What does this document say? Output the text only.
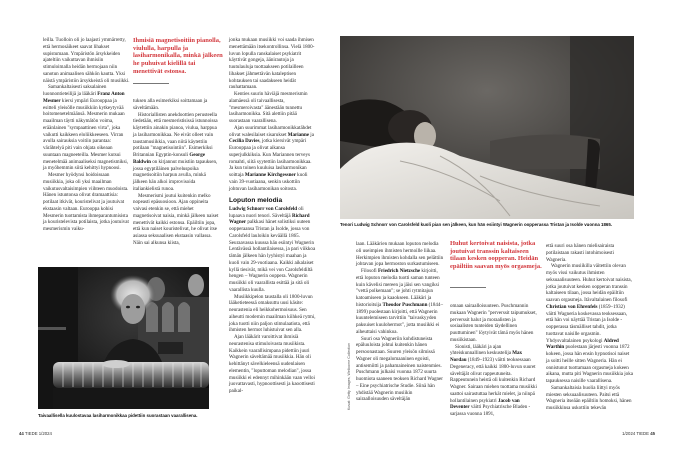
leilla. Tuolloin oli jo laajasti ymmärretty, että hermosäikeet saavat lihakset supistumaan. Ympäristön ärsykkeiden ajateltiin vaikuttavan ihmisiin stimuloimalla heidän hermojaan niin sanotun animaalisen sähkön kautta. Yksi näistä ympäristön ärsykkeistä oli musiikki.

Samankaltaisesti saksalainen luonnontieteilijä ja lääkäri Franz Anton Mesmer kiersi ympäri Eurooppaa ja esitteli yleisölle musiikkiin kytkeytyvää hoitomenetelmäänsä. Mesmerin mukaan maailman täytti näkymätön voima, eräänlainen "sympaattinen virta", joka vaikutti kaikkeen eloliikkeeseen. Virran avulla sairauksia voitiin parantaa: värähtelyä piti vain ohjata oikeaan suuntaan magneeteilla. Mesmer kutsui menetelmää animaaliseksi magnetismiksi, ja myöhemmin siitä kehittyi hypnoosi.

Mesmer hyödynsi hoidoissaan musiikkia, joka oli yksi maailman vaikutusvaltaisimpien viihteen muodoista. Hänen istuntonsa olivat dramaattisia: potilaat itkivät, kouristelivat ja joutuivat ekstaasin valtaan. Eurooppa kohisi Mesmerin tuottamista ihmeparantumisista ja kouristelevista potilaista, jotka joutuivat mesmerismin vaiku-

Ihmisiä magnetisoitiin pianolla, viululla, harpulla ja lasiharmonikalla, minkä jälkeen he puhuivat kielillä tai menettivät estonsa.

tuksen alla esimerkiksi soittamaan ja säveltämään.

Historiallisten anekdoottien perusteella tiedetään, että mesmeristisissä istunnoissa käytettiin ainakin pianoa, viulua, harppua ja lasiharmonikkaa. Ne eivät olleet vain taustamusiikkia, vaan niitä käytettiin potilaan "magnetisointiin". Esimerkiksi Britannian Egyptin-konsuli George Baldwin on kirjannut muistiin tapauksen, jossa egyptiläinen palveluspoika magnetisoitiin harpun avulla, minkä jälkeen hän alkoi improvisoida italiankielistä runoa.

Mesmerismi joutui kuitenkin melko nopeasti epäsuosioon. Ajan oppineita vaivasi etenkin se, että miehet magnetisoivat naisia, minkä jälkeen naiset menettivät kaikki estonsa. Epäiltiin jopa, että kun naiset kouristelivat, he olivat itse asiassa seksuaalisen ekstaasin vallassa. Näin sai alkunsa kiista,

jonka mukaan musiikki voi saada ihmisen menettämään itsekontrollinsa. Vielä 1800-luvun lopulla ranskalaiset psykiatrit käyttivät gongeja, äänirautoja ja tuutulauluja tuottaakseen potilailleen lihakset jähmettävän kataleptisen kohtauksen tai saadakseen heidät rauhattamaan.

Kenties suurin häviäjä mesmerismin alamäessä oli taivaallisesta, "mesmeroivasta" äänestään tunnettu lasiharmonikka. Sitä alettiin pitää suorastaan vaarallisena.

Ajan suurimmat lasiharmonikkatähdet olivat walesilaiset sisarukset Marianne ja Cecilia Davies, jotka kiersivät ympäri Eurooppaa ja olivat aikansa superjulkkiksia. Kun Mariannen terveys romahti, siitä syytettiin lasiharmonikkaa. Ja kun toinen kuuluisa lasiharmonikan soittaja Marianne Kirchgessner kuoli vain 39-vuotiaana, senkin uskottiin johtuvan lasiharmonikan soitosta.

Loputon melodia

Ludwig Schnorr von Carolsfeld oli lupaava nuori tenori. Säveltäjä Richard Wagner palkkasi hänet solistiksi uuteen oopperaansa Tristan ja Isolde, jossa von Carolsfeld lauloikin keväällä 1865. Seuraavassa kuussa hän esiintyi Wagnerin Lentävässä hollantilaisessa, ja pari viikkoa tämän jälkeen hän lyyhistyi maahan ja kuoli vain 29-vuotiaana. Kaikki aikalaiset kyllä tiesivät, mikä vei von Carolsfeldiltä hengen – Wagnerin ooppera. Wagnerin musiikki oli vaarallista esittää ja sitä oli vaarallista kuulla.

Musiikkipelon taustalla oli 1800-luvun lääketieteessä omaksuttu uusi käsite: neurastenia eli heikkohermoisuus. Sen aiheutti modernin maailman kiihkeä rytmi, joka tuotti niin paljon stimulaatiota, että ihmisten hermot luhistuivat sen alla.

Ajan lääkärit varoittivat ihmisiä neurastenisa stimuloivasta musiikista. Kaikkein vaarallisimpana pidettiin juuri Wagnerin säveltämää musiikkia. Hän oli kehittänyt sävelkieleensä uudenlaisen elementin, "loputtoman melodian", jossa musiikki ei edennyt mihinkään vaan velloi juovattavasti, hypnoottisesti ja kaoottisesti paikal-

Taivaallisella kuulostavaa lasiharmonikkaa pidettiin suorastaan vaarallisena.
44 TIEDE 1/2024
Tenori Ludwig Schnorr von Carolsfeld kuoli pian sen jälkeen, kun hän esiintyi Wagnerin oopperassa Tristan ja Isolde vuonna 1865.
Kuvat: Getty Images, Wellcome Collection

laan. Lääkärien mukaan loputon melodia oli useimpien ihmisten hermoille liikaa. Herkimpien ihmisten kohdalla sen pelättiin johtavan jopa hermoston surkastumiseen.

Filosofi Friedrich Nietzsche kirjoitti, että loputon melodia tuotti saman tunteen kuin kävelisi mereen ja jäisi sen vangiksi "vettä polkemaan"; se johti rytmitajun katoamiseen ja kaaokseen. Lääkäri ja historioitsija Theodor Puschmann (1844–1899) puolestaan kirjoitti, että Wagnerin kuuntelemiseen tarvittiin "taivaskyyden paksuiset kuulohermot", jotta musiikki ei aiheuttaisi vahinkoa.

Suuri osa Wagneriin kohdistuneista epäluuloista johtui kuitenkin hänen persoonastaan. Suuren yleisön silmissä Wagner oli megalomaaninen egoisti, antisemiitti ja pahamaineinen naistenmies. Puschmann julkaisi vuonna 1872 suurta huomiota saaneen teoksen Richard Wagner – Eine psychiatrische Studie. Siinä hän yhdistää Wagnerin musiikin sairaalloisuuden säveltäjän

Huhut kertoivat naisista, jotka joutuivat transsin kaltaiseen tilaan kesken oopperan. Heidän epäiltiin saavan myös orgasmeja.

omaan sairaalloisuuteen. Puschmannin mukaan Wagnerin "perverssit taipumukset, perverssit halut ja moraalisten ja sosiaalisten tunteiden täydellinen puuttuminen" löytyivät tämä myös hänen musiikistaan.

Sionisti, lääkäri ja ajan yhteiskunnallinen keskustelija Max Nordau (1849–1923) väitti teoksessaan Degeneracy, että kaikki 1800-luvun suuret säveltäjät olivat rappeutuneita. Rappeutunein heistä oli kuitenkin Richard Wagner. Sairaan miehen tuottama musiikki saattoi sairastuttaa herkät mielet, ja niinpä hollantilainen psykiatri Jacob van Deventer väitti Psychiatrische Bladen -sarjassa vuonna 1891,

että suuri osa hänen mielisairaista potilaistaan rakasti intohimoisesti Wagneria.

Wagnerin musiikilla väitettiin olevan myös vissi vaikutus ihmisten seksuaalisuuteen. Huhut kertoivat naisista, jotka joutuivat kesken oopperan transsin kaltaiseen tilaan, jossa heidän epäiltiin saavan orgasmeja. Itävaltalainen filosofi Christian von Ehrenfels (1859–1932) väitti Wagneria koskevassa teoksessaan, että hän voi näyttää Tristan ja Isolde -oopperassa täsmälliset tahdit, jotka tuottavat naisille orgasmin. Yhdysvaltalainen psykologi Aldred Warthin puolestaan järjesti vuonna 1872 kokeen, jossa hän ensin hypnotisoi naiset ja soitti heille sitten Wagneria. Hän ei onnistunut tuottamaan orgasmeja kokeen aikana, mutta piti Wagnerin musiikkia joka tapauksessa naisille vaarallisena.

Samankaltaisia huolia liittyi myös miesten seksuaalisuuteen. Paitsi että Wagneria itseään epäiltiin homoksi, hänen musiikkinsa uskottiin tekevän

1/2024 TIEDE 45
